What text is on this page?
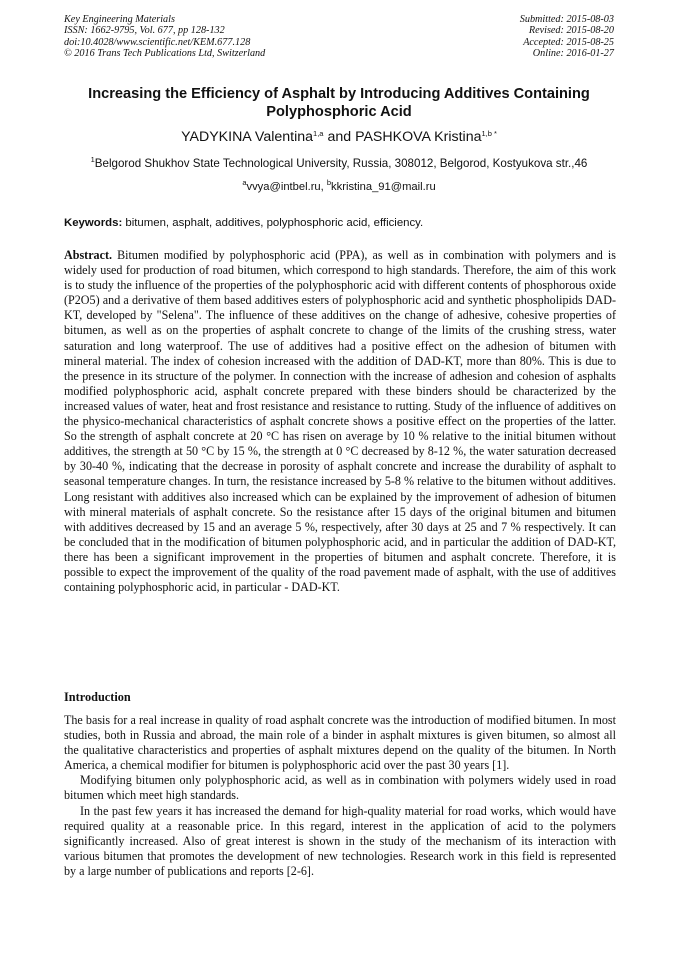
Key Engineering Materials
ISSN: 1662-9795, Vol. 677, pp 128-132
doi:10.4028/www.scientific.net/KEM.677.128
© 2016 Trans Tech Publications Ltd, Switzerland
Submitted: 2015-08-03
Revised: 2015-08-20
Accepted: 2015-08-25
Online: 2016-01-27
Increasing the Efficiency of Asphalt by Introducing Additives Containing Polyphosphoric Acid
YADYKINA Valentina$^{1,a}$ and PASHKOVA Kristina$^{1,b *}$
$^1$Belgorod Shukhov State Technological University, Russia, 308012, Belgorod, Kostyukova str.,46
$^a$vvya@intbel.ru, $^b$kkristina_91@mail.ru
Keywords: bitumen, asphalt, additives, polyphosphoric acid, efficiency.
Abstract. Bitumen modified by polyphosphoric acid (PPA), as well as in combination with polymers and is widely used for production of road bitumen, which correspond to high standards. Therefore, the aim of this work is to study the influence of the properties of the polyphosphoric acid with different contents of phosphorous oxide (P2O5) and a derivative of them based additives esters of polyphosphoric acid and synthetic phospholipids DAD-KT, developed by "Selena". The influence of these additives on the change of adhesive, cohesive properties of bitumen, as well as on the properties of asphalt concrete to change of the limits of the crushing stress, water saturation and long waterproof. The use of additives had a positive effect on the adhesion of bitumen with mineral material. The index of cohesion increased with the addition of DAD-KT, more than 80%. This is due to the presence in its structure of the polymer. In connection with the increase of adhesion and cohesion of asphalts modified polyphosphoric acid, asphalt concrete prepared with these binders should be characterized by the increased values of water, heat and frost resistance and resistance to rutting. Study of the influence of additives on the physico-mechanical characteristics of asphalt concrete shows a positive effect on the properties of the latter. So the strength of asphalt concrete at 20 °C has risen on average by 10 % relative to the initial bitumen without additives, the strength at 50 °C by 15 %, the strength at 0 °C decreased by 8-12 %, the water saturation decreased by 30-40 %, indicating that the decrease in porosity of asphalt concrete and increase the durability of asphalt to seasonal temperature changes. In turn, the resistance increased by 5-8 % relative to the bitumen without additives. Long resistant with additives also increased which can be explained by the improvement of adhesion of bitumen with mineral materials of asphalt concrete. So the resistance after 15 days of the original bitumen and bitumen with additives decreased by 15 and an average 5 %, respectively, after 30 days at 25 and 7 % respectively. It can be concluded that in the modification of bitumen polyphosphoric acid, and in particular the addition of DAD-KT, there has been a significant improvement in the properties of bitumen and asphalt concrete. Therefore, it is possible to expect the improvement of the quality of the road pavement made of asphalt, with the use of additives containing polyphosphoric acid, in particular - DAD-KT.
Introduction

The basis for a real increase in quality of road asphalt concrete was the introduction of modified bitumen. In most studies, both in Russia and abroad, the main role of a binder in asphalt mixtures is given bitumen, so almost all the qualitative characteristics and properties of asphalt mixtures depend on the quality of the bitumen. In North America, a chemical modifier for bitumen is polyphosphoric acid over the past 30 years [1].

Modifying bitumen only polyphosphoric acid, as well as in combination with polymers widely used in road bitumen which meet high standards.

In the past few years it has increased the demand for high-quality material for road works, which would have required quality at a reasonable price. In this regard, interest in the application of acid to the polymers significantly increased. Also of great interest is shown in the study of the mechanism of its interaction with various bitumen that promotes the development of new technologies. Research work in this field is represented by a large number of publications and reports [2-6].
